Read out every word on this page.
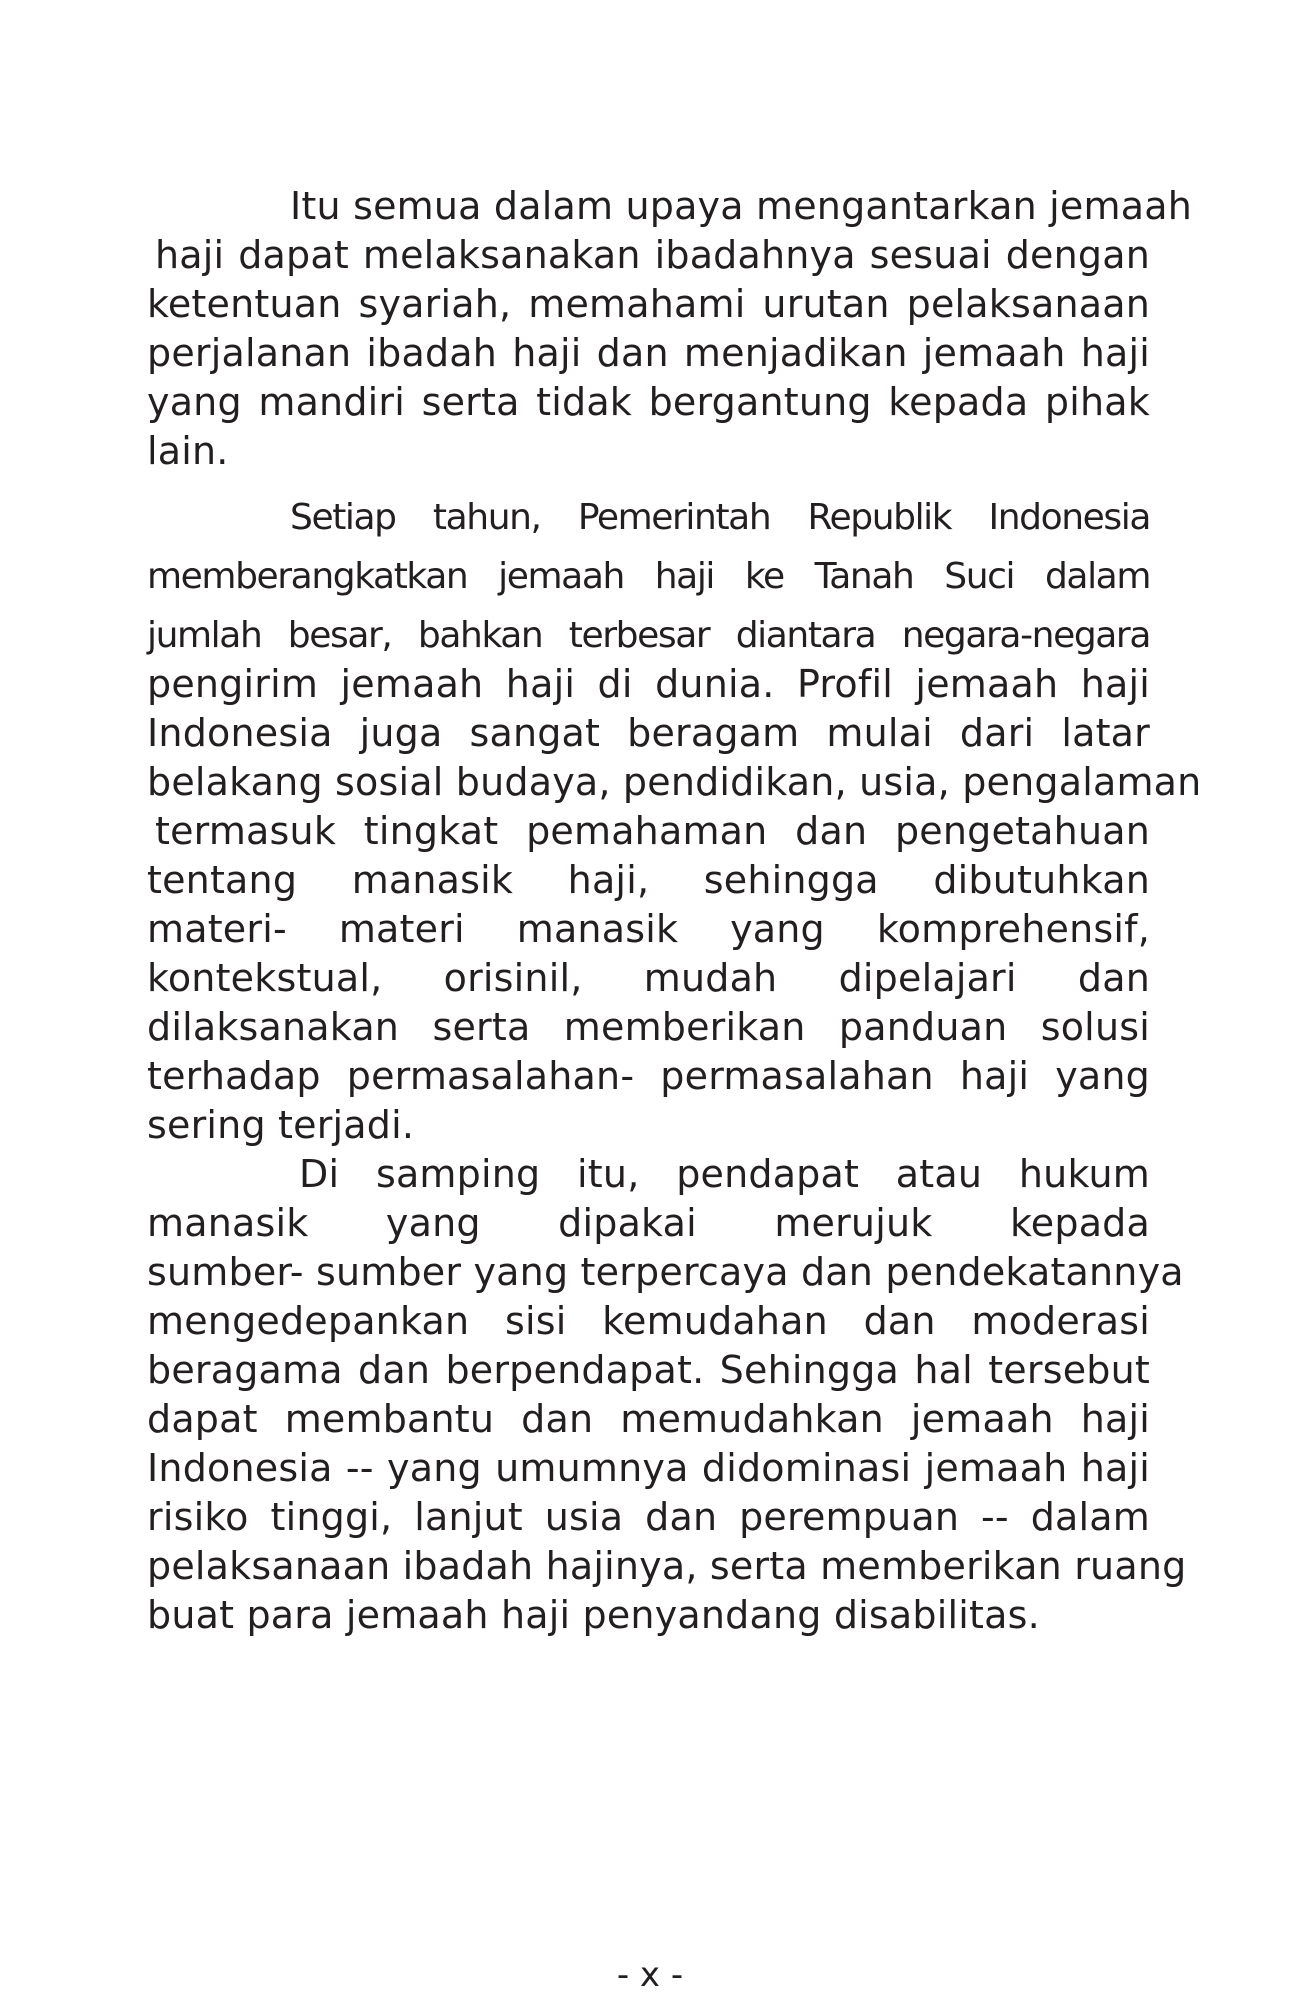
Itu semua dalam upaya mengantarkan jemaah
haji dapat melaksanakan ibadahnya sesuai dengan
ketentuan syariah, memahami urutan pelaksanaan
perjalanan ibadah haji dan menjadikan jemaah haji
yang mandiri serta tidak bergantung kepada pihak
lain.
Setiap tahun, Pemerintah Republik Indonesia
memberangkatkan jemaah haji ke Tanah Suci dalam
jumlah besar, bahkan terbesar diantara negara-negara
pengirim jemaah haji di dunia. Profil jemaah haji
Indonesia juga sangat beragam mulai dari latar
belakang sosial budaya, pendidikan, usia, pengalaman
termasuk tingkat pemahaman dan pengetahuan
tentang manasik haji, sehingga dibutuhkan
materi- materi manasik yang komprehensif,
kontekstual, orisinil, mudah dipelajari dan
dilaksanakan serta memberikan panduan solusi
terhadap permasalahan- permasalahan haji yang
sering terjadi.
Di samping itu, pendapat atau hukum
manasik yang dipakai merujuk kepada
sumber- sumber yang terpercaya dan pendekatannya
mengedepankan sisi kemudahan dan moderasi
beragama dan berpendapat. Sehingga hal tersebut
dapat membantu dan memudahkan jemaah haji
Indonesia -- yang umumnya didominasi jemaah haji
risiko tinggi, lanjut usia dan perempuan -- dalam
pelaksanaan ibadah hajinya, serta memberikan ruang
buat para jemaah haji penyandang disabilitas.
- x -
